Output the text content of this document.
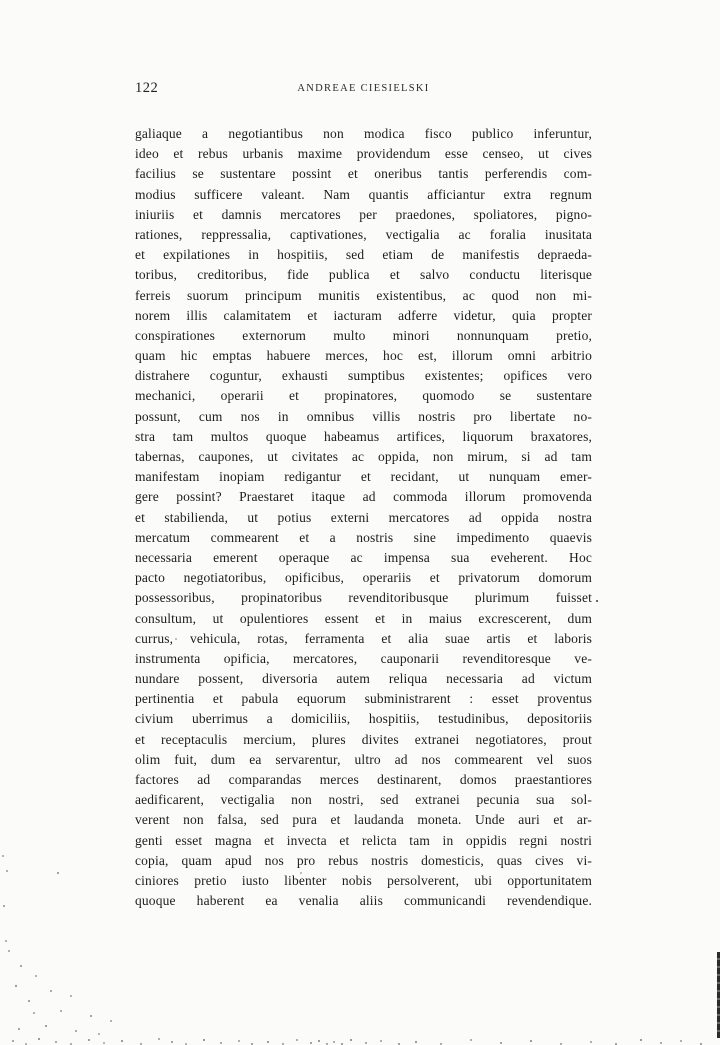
122	ANDREAE CIESIELSKI
galiaque a negotiantibus non modica fisco publico inferuntur,
ideo et rebus urbanis maxime providendum esse censeo, ut cives
facilius se sustentare possint et oneribus tantis perferendis com-
modius sufficere valeant. Nam quantis afficiantur extra regnum
iniuriis et damnis mercatores per praedones, spoliatores, pigno-
rationes, reppressalia, captivationes, vectigalia ac foralia inusitata
et expilationes in hospitiis, sed etiam de manifestis depraeda-
toribus, creditoribus, fide publica et salvo conductu literisque
ferreis suorum principum munitis existentibus, ac quod non mi-
norem illis calamitatem et iacturam adferre videtur, quia propter
conspirationes externorum multo minori nonnunquam pretio,
quam hic emptas habuere merces, hoc est, illorum omni arbitrio
distrahere coguntur, exhausti sumptibus existentes; opifices vero
mechanici, operarii et propinatores, quomodo se sustentare
possunt, cum nos in omnibus villis nostris pro libertate no-
stra tam multos quoque habeamus artifices, liquorum braxatores,
tabernas, caupones, ut civitates ac oppida, non mirum, si ad tam
manifestam inopiam redigantur et recidant, ut nunquam emer-
gere possint? Praestaret itaque ad commoda illorum promovenda
et stabilienda, ut potius externi mercatores ad oppida nostra
mercatum commearent et a nostris sine impedimento quaevis
necessaria emerent operaque ac impensa sua eveherent. Hoc
pacto negotiatoribus, opificibus, operariis et privatorum domorum
possessoribus, propinatoribus revenditoribusque plurimum fuisset
consultum, ut opulentiores essent et in maius excrescerent, dum
currus, vehicula, rotas, ferramenta et alia suae artis et laboris
instrumenta opificia, mercatores, cauponarii revenditoresque ve-
nundare possent, diversoria autem reliqua necessaria ad victum
pertinentia et pabula equorum subministrarent : esset proventus
civium uberrimus a domiciliis, hospitiis, testudinibus, depositoriis
et receptaculis mercium, plures divites extranei negotiatores, prout
olim fuit, dum ea servarentur, ultro ad nos commearent vel suos
factores ad comparandas merces destinarent, domos praestantiores
aedificarent, vectigalia non nostri, sed extranei pecunia sua sol-
verent non falsa, sed pura et laudanda moneta. Unde auri et ar-
genti esset magna et invecta et relicta tam in oppidis regni nostri
copia, quam apud nos pro rebus nostris domesticis, quas cives vi-
ciniores pretio iusto libenter nobis persolverent, ubi opportunitatem
quoque haberent ea venalia aliis communicandi revendendique.
